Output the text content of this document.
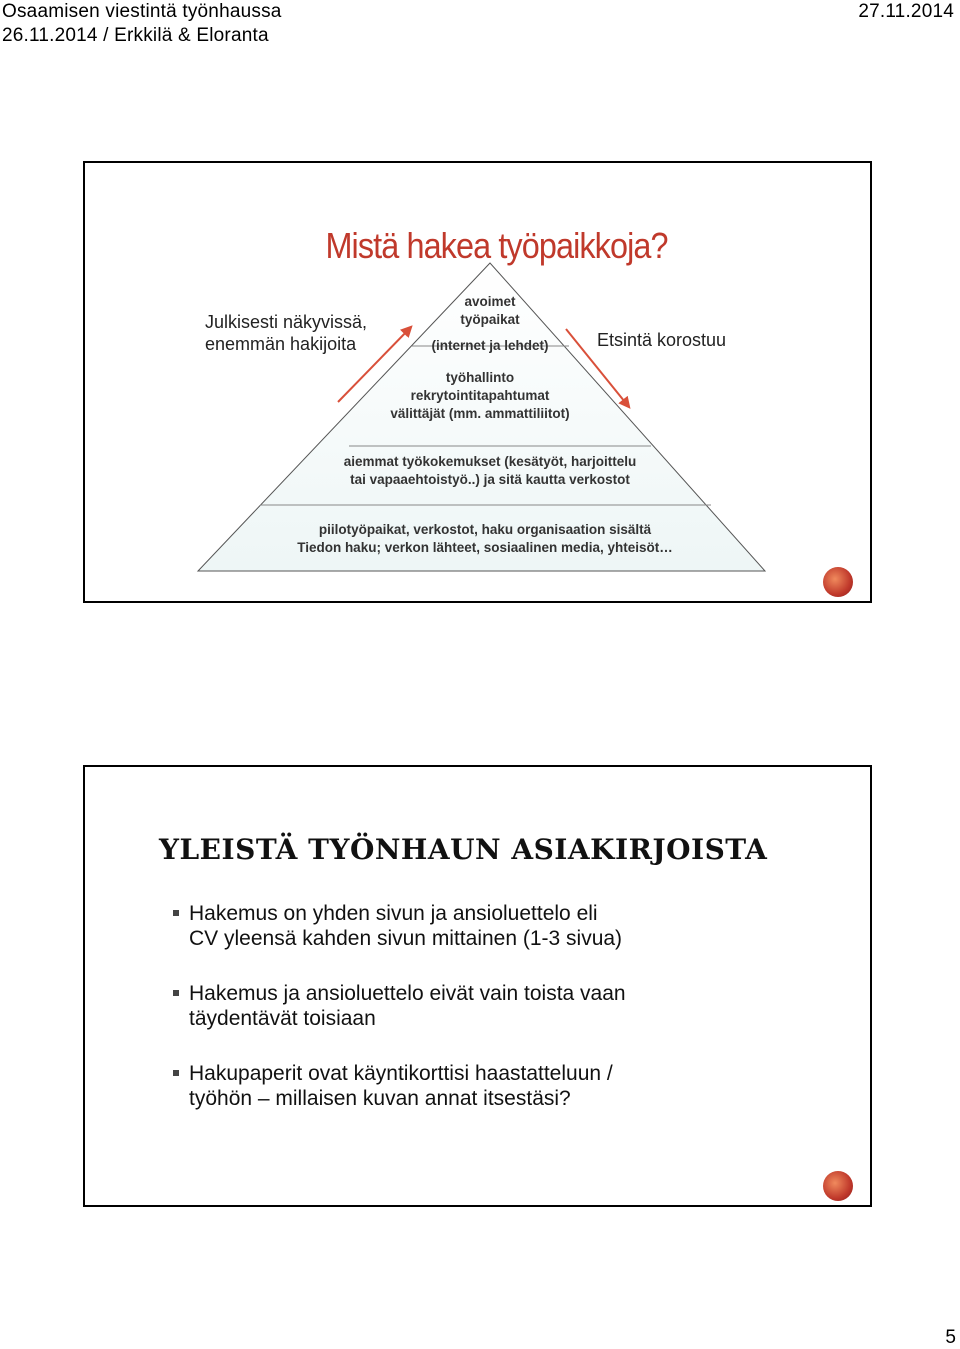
Osaamisen viestintä työnhaussa	27.11.2014
26.11.2014 / Erkkilä & Eloranta
Mistä hakea työpaikkoja?
Julkisesti näkyvissä,
enemmän hakijoita	Etsintä korostuu
avoimet
työpaikat
(internet ja lehdet)
työhallinto
rekrytointitapahtumat
välittäjät (mm. ammattiliitot)
aiemmat työkokemukset (kesätyöt, harjoittelu
tai vapaaehtoistyö..) ja sitä kautta verkostot
piilotyöpaikat, verkostot, haku organisaation sisältä
Tiedon haku; verkon lähteet, sosiaalinen media, yhteisöt…
YLEISTÄ TYÖNHAUN ASIAKIRJOISTA
Hakemus on yhden sivun ja ansioluettelo eli
CV yleensä kahden sivun mittainen (1-3 sivua)
Hakemus ja ansioluettelo eivät vain toista vaan
täydentävät toisiaan
Hakupaperit ovat käyntikorttisi haastatteluun /
työhön – millaisen kuvan annat itsestäsi?
5
